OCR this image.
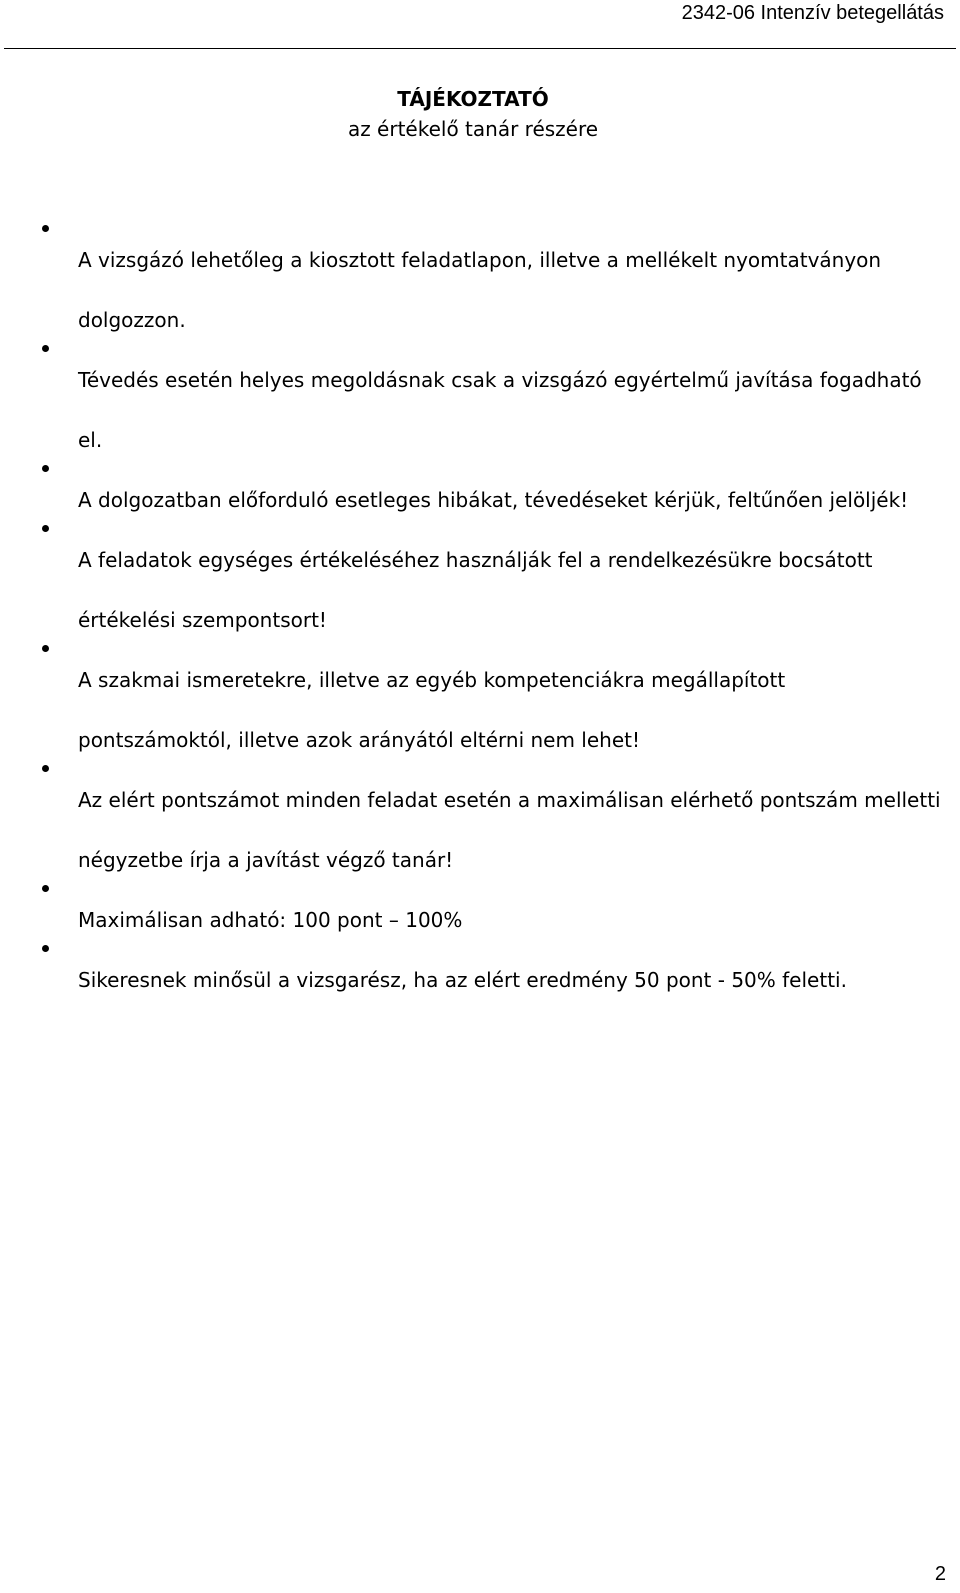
2342-06 Intenzív betegellátás
TÁJÉKOZTATÓ
az értékelő tanár részére
A vizsgázó lehetőleg a kiosztott feladatlapon, illetve a mellékelt nyomtatványon dolgozzon.
Tévedés esetén helyes megoldásnak csak a vizsgázó egyértelmű javítása fogadható el.
A dolgozatban előforduló esetleges hibákat, tévedéseket kérjük, feltűnően jelöljék!
A feladatok egységes értékeléséhez használják fel a rendelkezésükre bocsátott értékelési szempontsort!
A szakmai ismeretekre, illetve az egyéb kompetenciákra megállapított pontszámoktól, illetve azok arányától eltérni nem lehet!
Az elért pontszámot minden feladat esetén a maximálisan elérhető pontszám melletti négyzetbe írja a javítást végző tanár!
Maximálisan adható: 100 pont – 100%
Sikeresnek minősül a vizsgarész, ha az elért eredmény 50 pont - 50% feletti.
2
